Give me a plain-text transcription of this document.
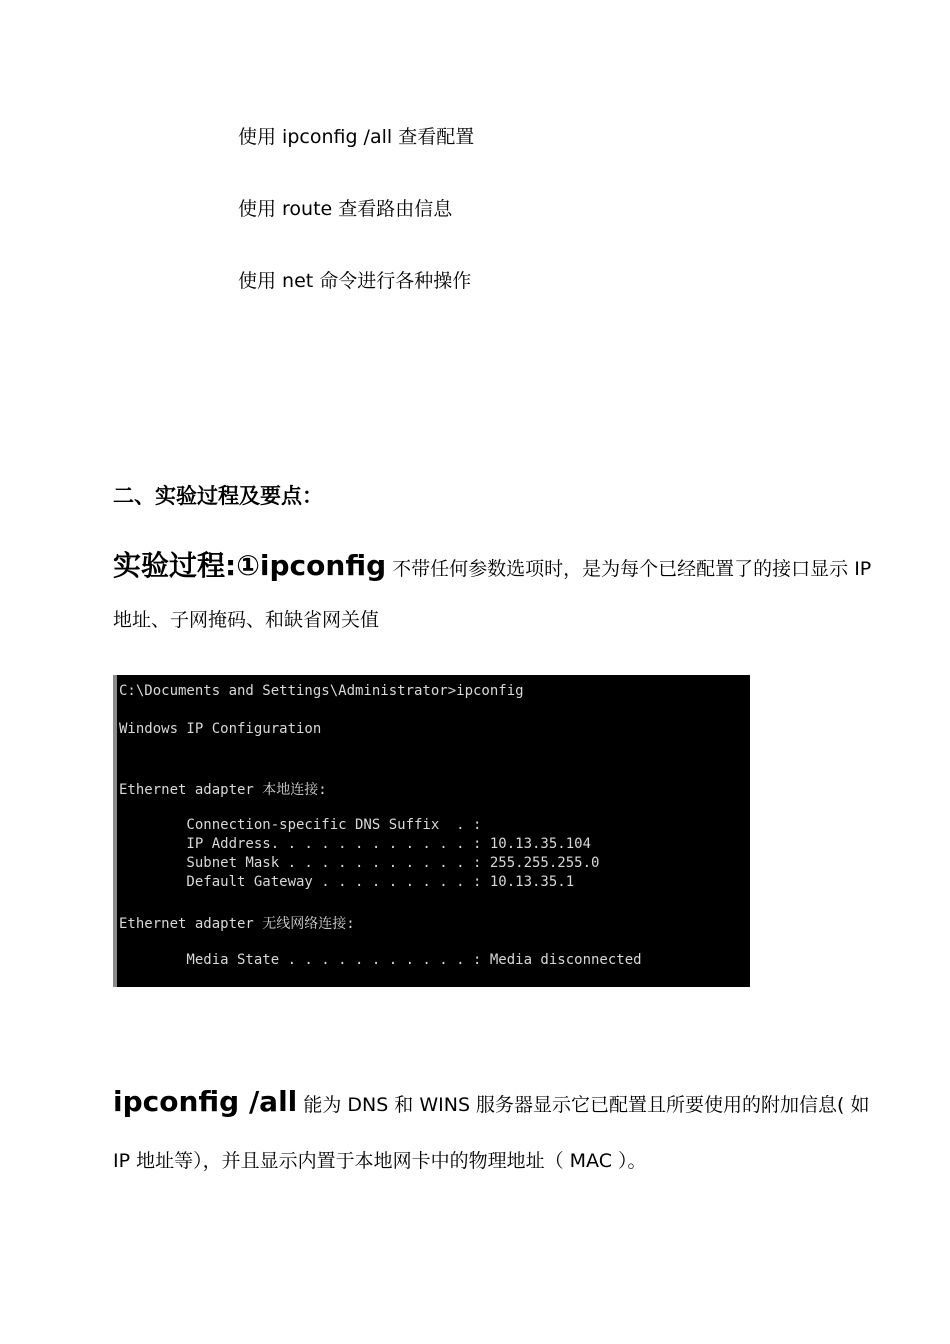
使用 ipconfig /all 查看配置
使用 route 查看路由信息
使用 net 命令进行各种操作
二、实验过程及要点：
实验过程:①ipconfig 不带任何参数选项时，是为每个已经配置了的接口显示 IP
地址、子网掩码、和缺省网关值
C:\Documents and Settings\Administrator>ipconfig
Windows IP Configuration
Ethernet adapter 本地连接:
Connection-specific DNS Suffix  . :
IP Address. . . . . . . . . . . . : 10.13.35.104
Subnet Mask . . . . . . . . . . . : 255.255.255.0
Default Gateway . . . . . . . . . : 10.13.35.1
Ethernet adapter 无线网络连接:
Media State . . . . . . . . . . . : Media disconnected
ipconfig /all 能为 DNS 和 WINS 服务器显示它已配置且所要使用的附加信息( 如
IP 地址等），并且显示内置于本地网卡中的物理地址（ MAC ）。
